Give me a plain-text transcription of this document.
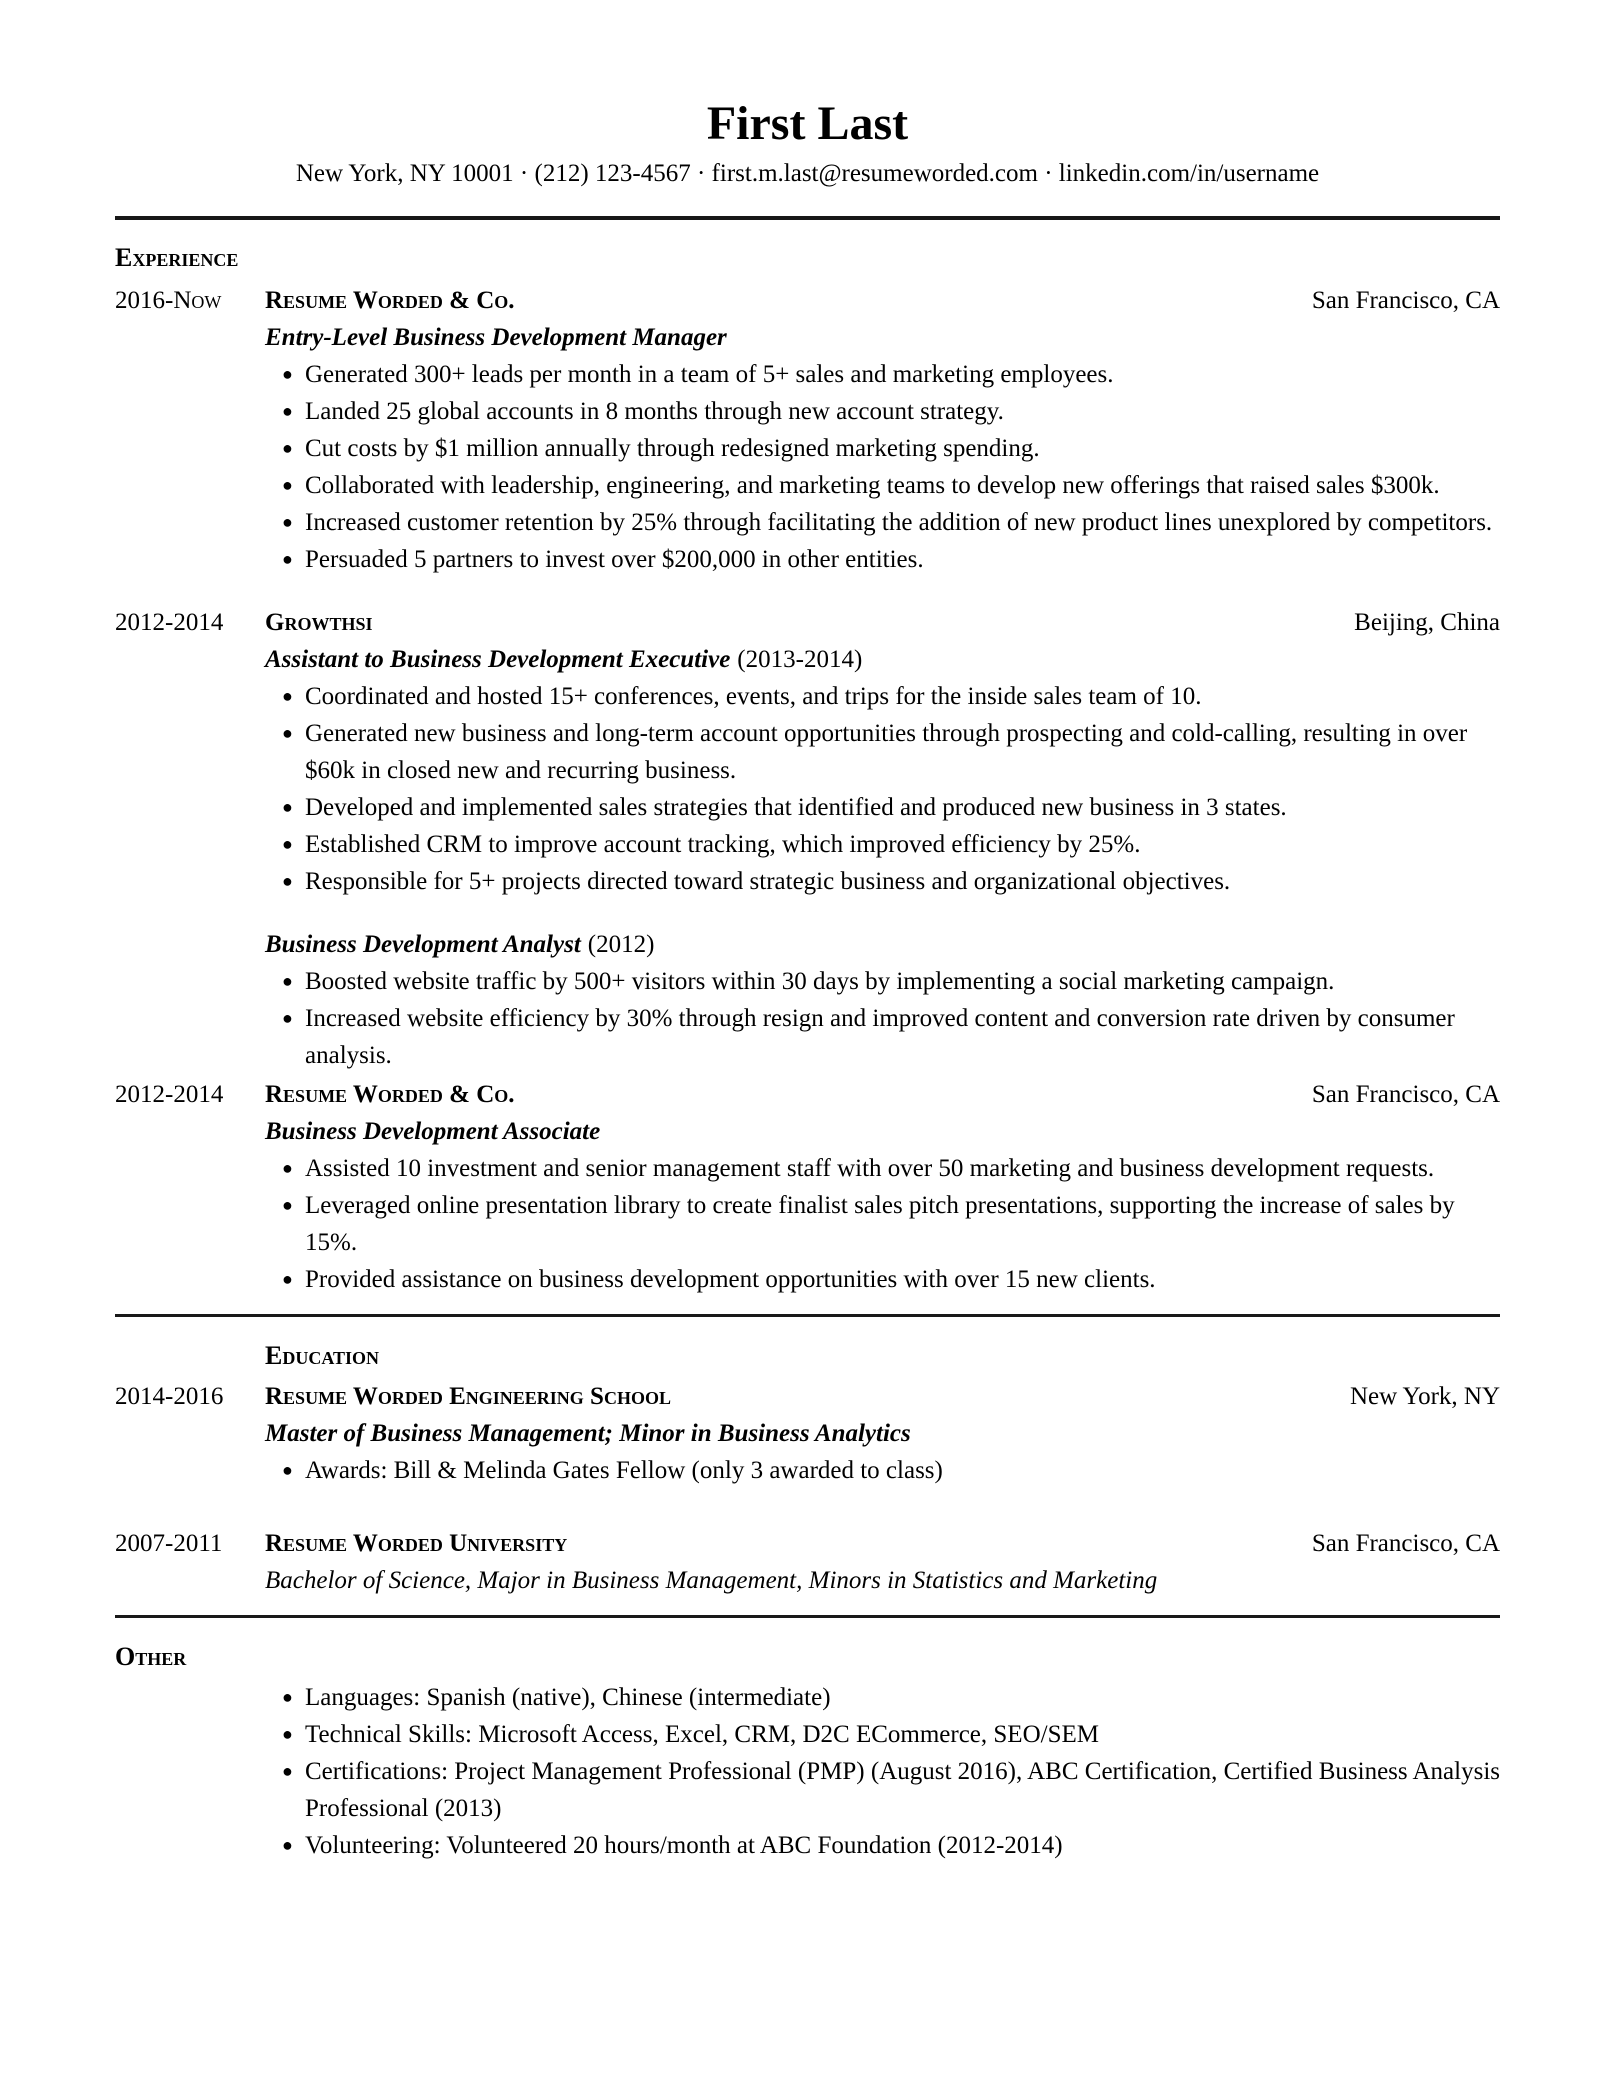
First Last
New York, NY 10001 · (212) 123-4567 · first.m.last@resumeworded.com · linkedin.com/in/username
Experience
2016-Now	Resume Worded & Co.	San Francisco, CA
Entry-Level Business Development Manager
● Generated 300+ leads per month in a team of 5+ sales and marketing employees.
● Landed 25 global accounts in 8 months through new account strategy.
● Cut costs by $1 million annually through redesigned marketing spending.
● Collaborated with leadership, engineering, and marketing teams to develop new offerings that raised sales $300k.
● Increased customer retention by 25% through facilitating the addition of new product lines unexplored by competitors.
● Persuaded 5 partners to invest over $200,000 in other entities.
2012-2014	Growthsi	Beijing, China
Assistant to Business Development Executive (2013-2014)
● Coordinated and hosted 15+ conferences, events, and trips for the inside sales team of 10.
● Generated new business and long-term account opportunities through prospecting and cold-calling, resulting in over $60k in closed new and recurring business.
● Developed and implemented sales strategies that identified and produced new business in 3 states.
● Established CRM to improve account tracking, which improved efficiency by 25%.
● Responsible for 5+ projects directed toward strategic business and organizational objectives.
Business Development Analyst (2012)
● Boosted website traffic by 500+ visitors within 30 days by implementing a social marketing campaign.
● Increased website efficiency by 30% through resign and improved content and conversion rate driven by consumer analysis.
2012-2014	Resume Worded & Co.	San Francisco, CA
Business Development Associate
● Assisted 10 investment and senior management staff with over 50 marketing and business development requests.
● Leveraged online presentation library to create finalist sales pitch presentations, supporting the increase of sales by 15%.
● Provided assistance on business development opportunities with over 15 new clients.
Education
2014-2016	Resume Worded Engineering School	New York, NY
Master of Business Management; Minor in Business Analytics
● Awards: Bill & Melinda Gates Fellow (only 3 awarded to class)
2007-2011	Resume Worded University	San Francisco, CA
Bachelor of Science, Major in Business Management, Minors in Statistics and Marketing
Other
● Languages: Spanish (native), Chinese (intermediate)
● Technical Skills: Microsoft Access, Excel, CRM, D2C ECommerce, SEO/SEM
● Certifications: Project Management Professional (PMP) (August 2016), ABC Certification, Certified Business Analysis Professional (2013)
● Volunteering: Volunteered 20 hours/month at ABC Foundation (2012-2014)
